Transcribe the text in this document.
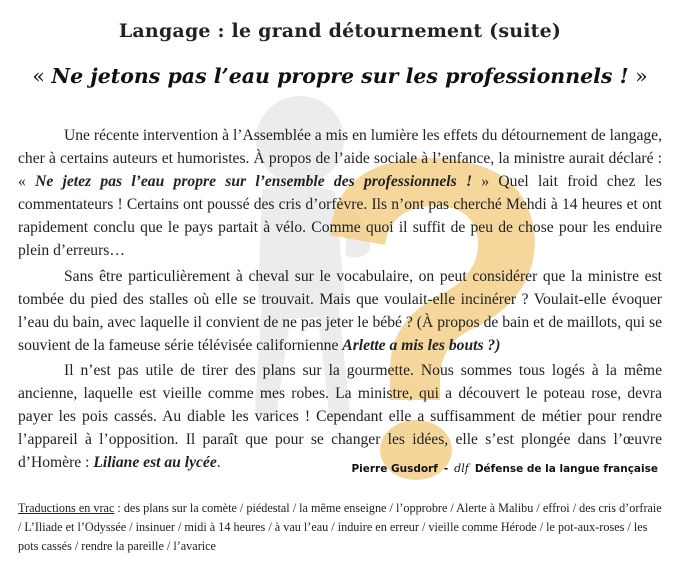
Langage : le grand détournement (suite)
« Ne jetons pas l’eau propre sur les professionnels ! »
Une récente intervention à l’Assemblée a mis en lumière les effets du détournement de langage, cher à certains auteurs et humoristes. À propos de l’aide sociale à l’enfance, la ministre aurait déclaré : « Ne jetez pas l’eau propre sur l’ensemble des professionnels ! » Quel lait froid chez les commentateurs ! Certains ont poussé des cris d’orfèvre. Ils n’ont pas cherché Mehdi à 14 heures et ont rapidement conclu que le pays partait à vélo. Comme quoi il suffit de peu de chose pour les enduire plein d’erreurs…
Sans être particulièrement à cheval sur le vocabulaire, on peut considérer que la ministre est tombée du pied des stalles où elle se trouvait. Mais que voulait-elle incinérer ? Voulait-elle évoquer l’eau du bain, avec laquelle il convient de ne pas jeter le bébé ? (À propos de bain et de maillots, qui se souvient de la fameuse série télévisée californienne Arlette a mis les bouts ?)
Il n’est pas utile de tirer des plans sur la gourmette. Nous sommes tous logés à la même ancienne, laquelle est vieille comme mes robes. La ministre, qui a découvert le poteau rose, devra payer les pois cassés. Au diable les varices ! Cependant elle a suffisamment de métier pour rendre l’appareil à l’opposition. Il paraît que pour se changer les idées, elle s’est plongée dans l’œuvre d’Homère : Liliane est au lycée.	Pierre Gusdorf - dlf Défense de la langue française
Traductions en vrac : des plans sur la comète / piédestal / la même enseigne / l’opprobre / Alerte à Malibu / effroi / des cris d’orfraie / L’Iliade et l’Odyssée / insinuer / midi à 14 heures / à vau l’eau / induire en erreur / vieille comme Hérode / le pot-aux-roses / les pots cassés / rendre la pareille / l’avarice
